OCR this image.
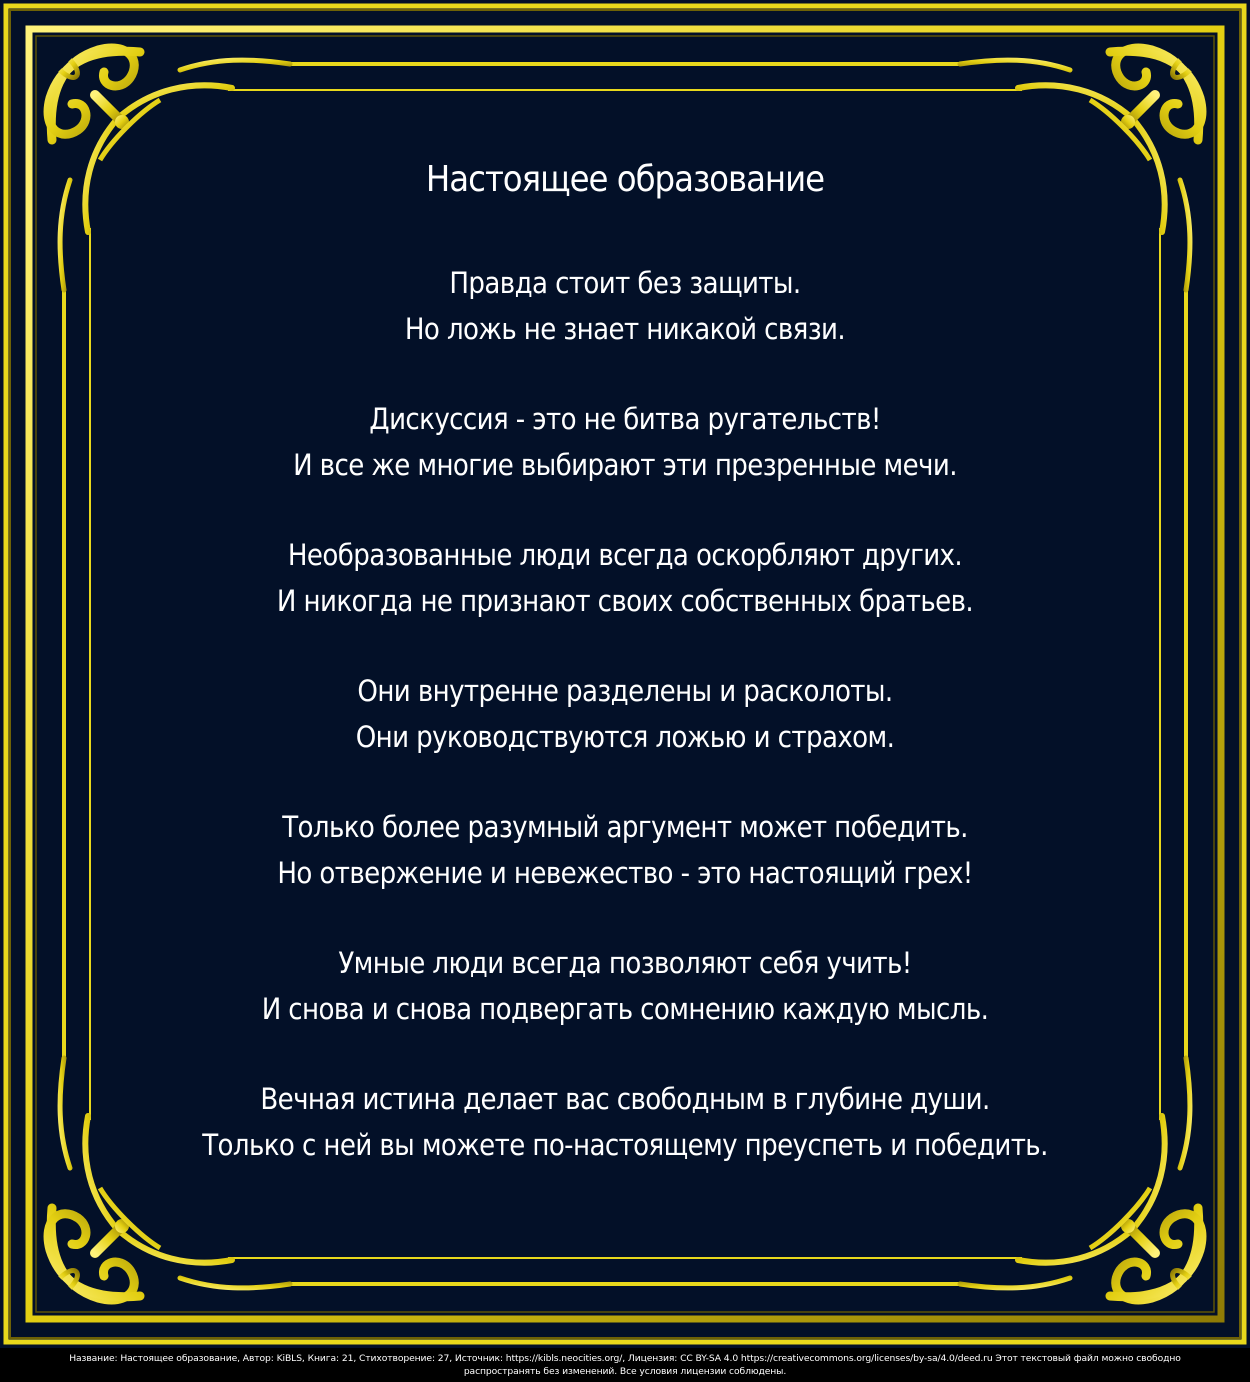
Настоящее образование
Правда стоит без защиты.
Но ложь не знает никакой связи.
Дискуссия - это не битва ругательств!
И все же многие выбирают эти презренные мечи.
Необразованные люди всегда оскорбляют других.
И никогда не признают своих собственных братьев.
Они внутренне разделены и расколоты.
Они руководствуются ложью и страхом.
Только более разумный аргумент может победить.
Но отвержение и невежество - это настоящий грех!
Умные люди всегда позволяют себя учить!
И снова и снова подвергать сомнению каждую мысль.
Вечная истина делает вас свободным в глубине души.
Только с ней вы можете по-настоящему преуспеть и победить.
Название: Настоящее образование, Автор: KiBLS, Книга: 21, Стихотворение: 27, Источник: https://kibls.neocities.org/, Лицензия: CC BY-SA 4.0 https://creativecommons.org/licenses/by-sa/4.0/deed.ru Этот текстовый файл можно свободно
распространять без изменений. Все условия лицензии соблюдены.
